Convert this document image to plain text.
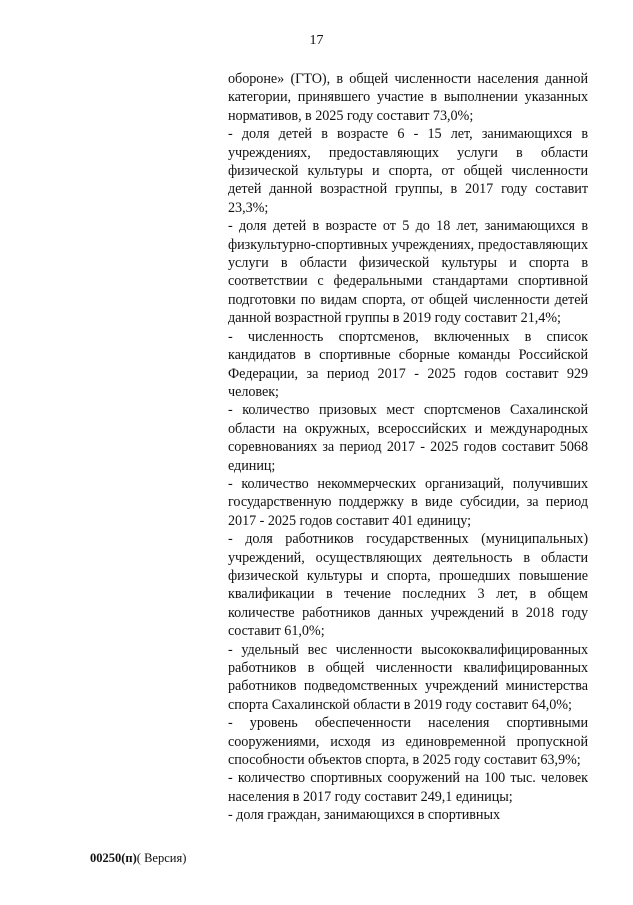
17

обороне» (ГТО), в общей численности населения данной категории, принявшего участие в выполнении указанных нормативов, в 2025 году составит 73,0%;

- доля детей в возрасте 6 - 15 лет, занимающихся в учреждениях, предоставляющих услуги в области физической культуры и спорта, от общей численности детей данной возрастной группы, в 2017 году составит 23,3%;

- доля детей в возрасте от 5 до 18 лет, занимающихся в физкультурно-спортивных учреждениях, предоставляющих услуги в области физической культуры и спорта в соответствии с федеральными стандартами спортивной подготовки по видам спорта, от общей численности детей данной возрастной группы в 2019 году составит 21,4%;

- численность спортсменов, включенных в список кандидатов в спортивные сборные команды Российской Федерации, за период 2017 - 2025 годов составит 929 человек;

- количество призовых мест спортсменов Сахалинской области на окружных, всероссийских и международных соревнованиях за период 2017 - 2025 годов составит 5068 единиц;

- количество некоммерческих организаций, получивших государственную поддержку в виде субсидии, за период 2017 - 2025 годов составит 401 единицу;

- доля работников государственных (муниципальных) учреждений, осуществляющих деятельность в области физической культуры и спорта, прошедших повышение квалификации в течение последних 3 лет, в общем количестве работников данных учреждений в 2018 году составит 61,0%;

- удельный вес численности высококвалифицированных работников в общей численности квалифицированных работников подведомственных учреждений министерства спорта Сахалинской области в 2019 году составит 64,0%;

- уровень обеспеченности населения спортивными сооружениями, исходя из единовременной пропускной способности объектов спорта, в 2025 году составит 63,9%;

- количество спортивных сооружений на 100 тыс. человек населения в 2017 году составит 249,1 единицы;

- доля граждан, занимающихся в спортивных

00250(п)( Версия)
